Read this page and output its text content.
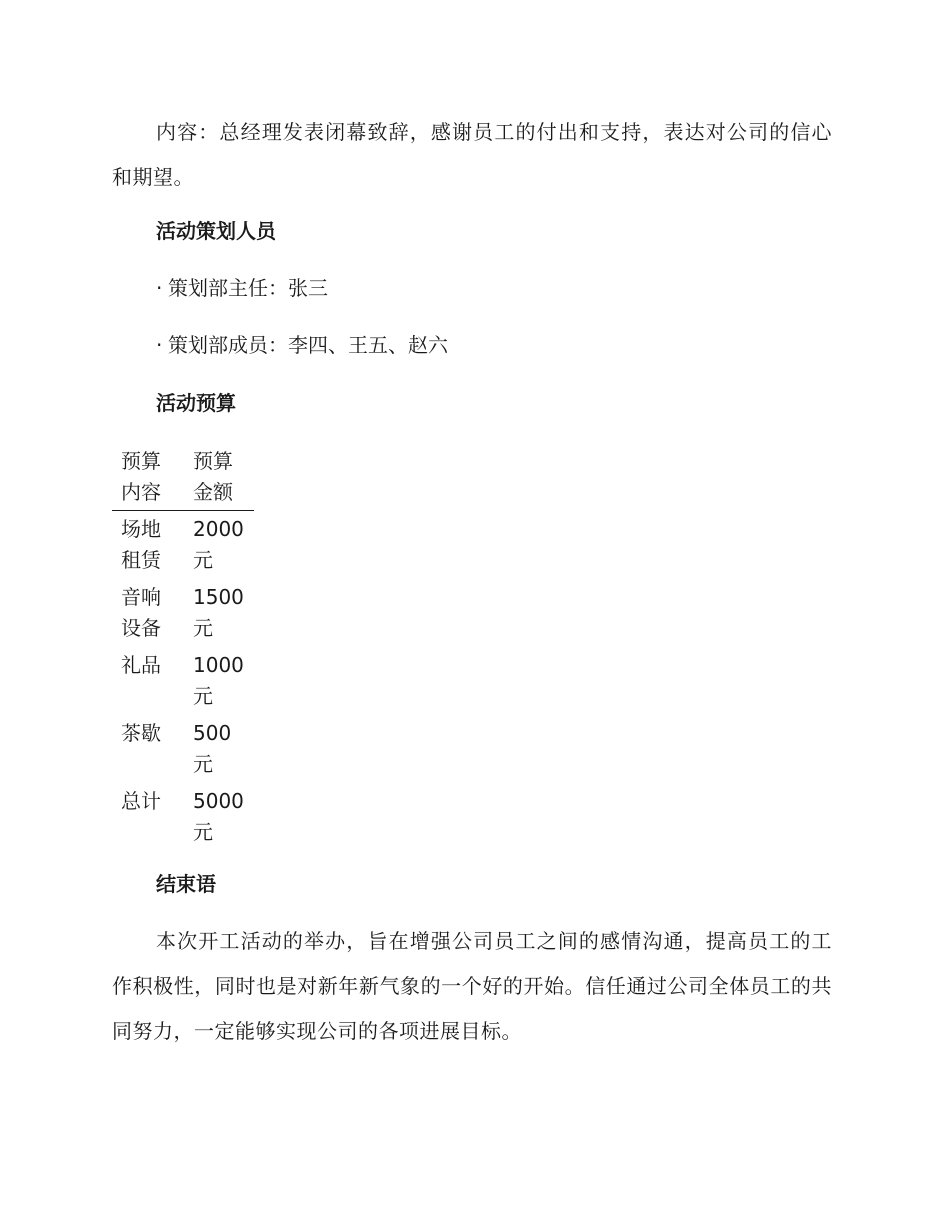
内容：总经理发表闭幕致辞，感谢员工的付出和支持，表达对公司的信心和期望。

活动策划人员

· 策划部主任：张三

· 策划部成员：李四、王五、赵六

活动预算

预算
内容	预算
金额

场地
租赁	2000
元

音响
设备	1500
元

礼品	1000
元

茶歇	500
元

总计	5000
元

结束语

本次开工活动的举办，旨在增强公司员工之间的感情沟通，提高员工的工作积极性，同时也是对新年新气象的一个好的开始。信任通过公司全体员工的共同努力，一定能够实现公司的各项进展目标。
